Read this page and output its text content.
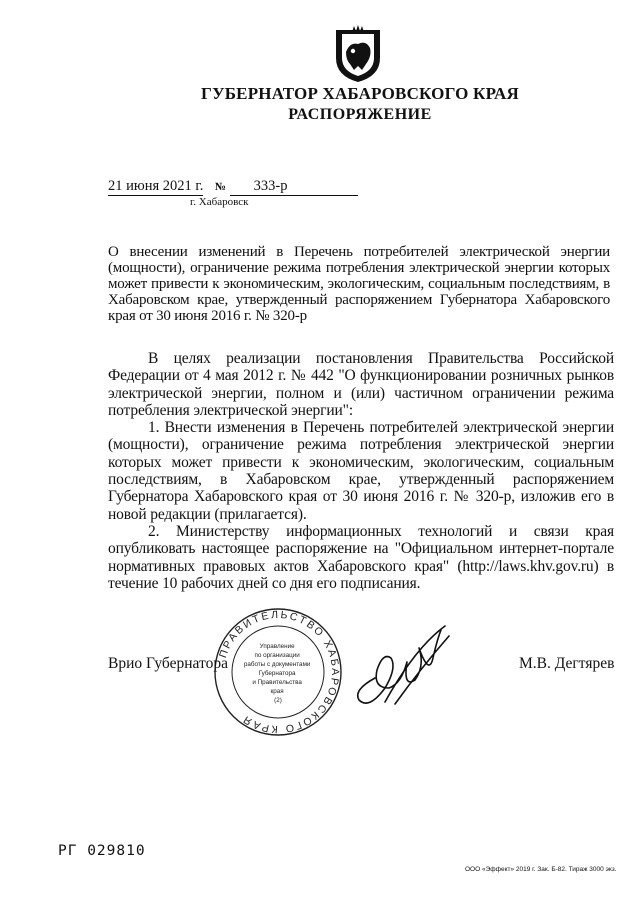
ГУБЕРНАТОР ХАБАРОВСКОГО КРАЯ
РАСПОРЯЖЕНИЕ
21 июня 2021 г. № 333-р
г. Хабаровск
О внесении изменений в Перечень потребителей электрической энергии (мощности), ограничение режима потребления электрической энергии которых может привести к экономическим, экологическим, социальным последствиям, в Хабаровском крае, утвержденный распоряжением Губернатора Хабаровского края от 30 июня 2016 г. № 320-р

В целях реализации постановления Правительства Российской Федерации от 4 мая 2012 г. № 442 "О функционировании розничных рынков электрической энергии, полном и (или) частичном ограничении режима потребления электрической энергии":

1. Внести изменения в Перечень потребителей электрической энергии (мощности), ограничение режима потребления электрической энергии которых может привести к экономическим, экологическим, социальным последствиям, в Хабаровском крае, утвержденный распоряжением Губернатора Хабаровского края от 30 июня 2016 г. № 320-р, изложив его в новой редакции (прилагается).

2. Министерству информационных технологий и связи края опубликовать настоящее распоряжение на "Официальном интернет-портале нормативных правовых актов Хабаровского края" (http://laws.khv.gov.ru) в течение 10 рабочих дней со дня его подписания.

ПРАВИТЕЛЬСТВО ХАБАРОВСКОГО КРАЯ
Управление по организации работы с документами Губернатора и Правительства края (2)
Врио Губернатора	М.В. Дегтярев
РГ 029810
ООО «Эффект» 2019 г. Зак. Б-82. Тираж 3000 экз.
